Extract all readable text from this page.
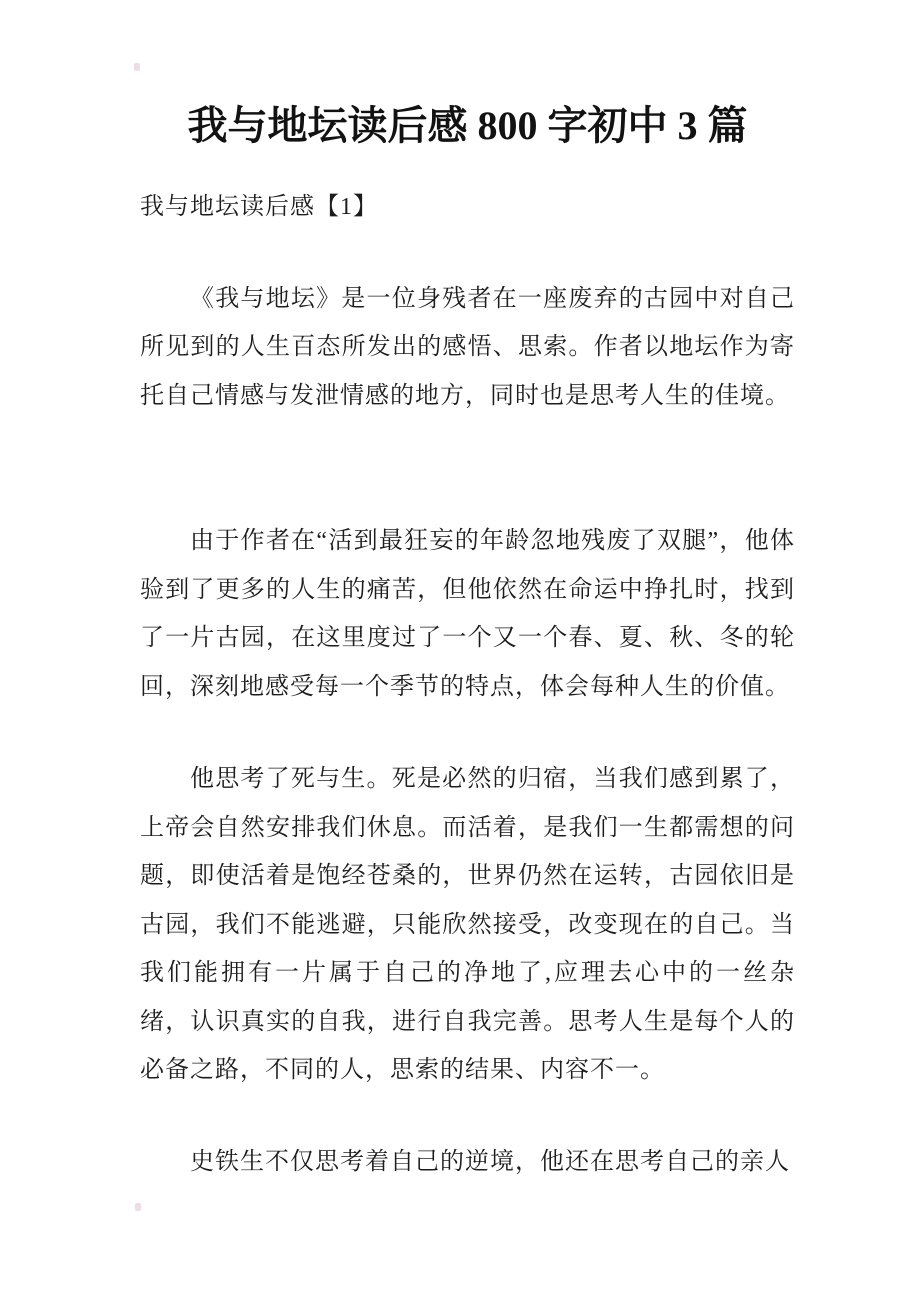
我与地坛读后感 800 字初中 3 篇

我与地坛读后感【1】

《我与地坛》是一位身残者在一座废弃的古园中对自己所见到的人生百态所发出的感悟、思索。作者以地坛作为寄托自己情感与发泄情感的地方，同时也是思考人生的佳境。

由于作者在“活到最狂妄的年龄忽地残废了双腿”，他体验到了更多的人生的痛苦，但他依然在命运中挣扎时，找到了一片古园，在这里度过了一个又一个春、夏、秋、冬的轮回，深刻地感受每一个季节的特点，体会每种人生的价值。

他思考了死与生。死是必然的归宿，当我们感到累了，上帝会自然安排我们休息。而活着，是我们一生都需想的问题，即使活着是饱经苍桑的，世界仍然在运转，古园依旧是古园，我们不能逃避，只能欣然接受，改变现在的自己。当我们能拥有一片属于自己的净地了,应理去心中的一丝杂绪，认识真实的自我，进行自我完善。思考人生是每个人的必备之路，不同的人，思索的结果、内容不一。

史铁生不仅思考着自己的逆境，他还在思考自己的亲人
